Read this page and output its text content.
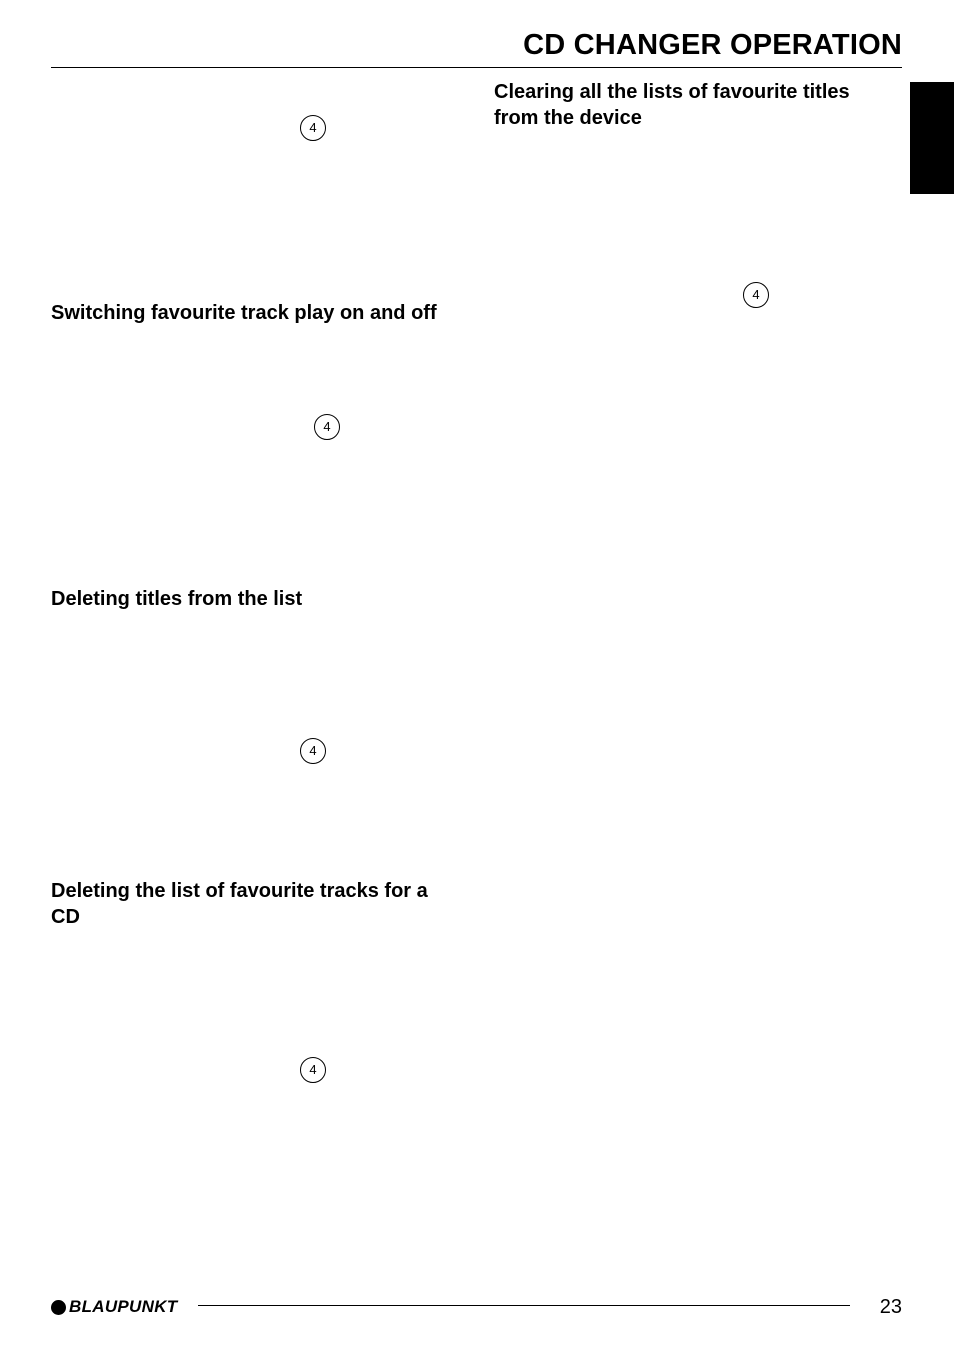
CD CHANGER OPERATION
Clearing all the lists of favourite titles from the device
Switching favourite track play on and off
Deleting titles from the list
Deleting the list of favourite tracks for a CD
4
4
4
4
4
BLAUPUNKT	23
